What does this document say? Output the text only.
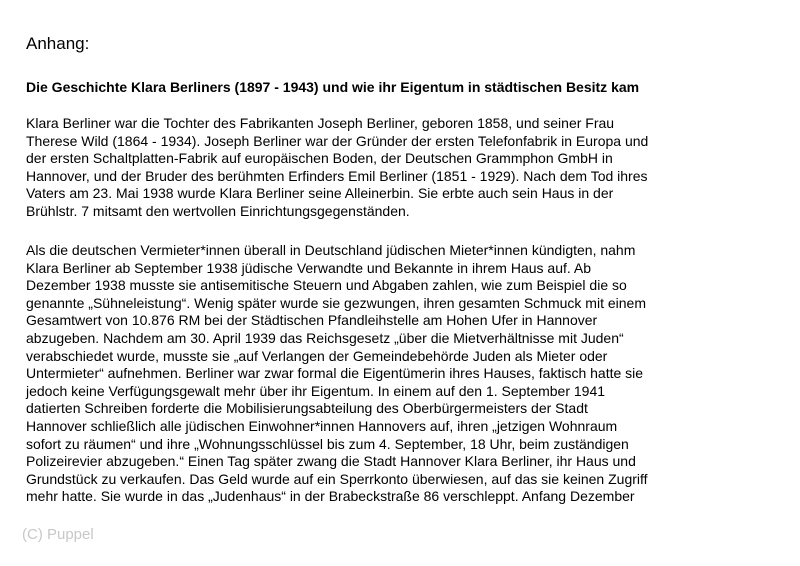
Anhang:
Die Geschichte Klara Berliners (1897 - 1943) und wie ihr Eigentum in städtischen Besitz kam
Klara Berliner war die Tochter des Fabrikanten Joseph Berliner, geboren 1858, und seiner Frau
Therese Wild (1864 - 1934). Joseph Berliner war der Gründer der ersten Telefonfabrik in Europa und
der ersten Schaltplatten-Fabrik auf europäischen Boden, der Deutschen Grammphon GmbH in
Hannover, und der Bruder des berühmten Erfinders Emil Berliner (1851 - 1929). Nach dem Tod ihres
Vaters am 23. Mai 1938 wurde Klara Berliner seine Alleinerbin. Sie erbte auch sein Haus in der
Brühlstr. 7 mitsamt den wertvollen Einrichtungsgegenständen.
Als die deutschen Vermieter*innen überall in Deutschland jüdischen Mieter*innen kündigten, nahm
Klara Berliner ab September 1938 jüdische Verwandte und Bekannte in ihrem Haus auf. Ab
Dezember 1938 musste sie antisemitische Steuern und Abgaben zahlen, wie zum Beispiel die so
genannte „Sühneleistung“. Wenig später wurde sie gezwungen, ihren gesamten Schmuck mit einem
Gesamtwert von 10.876 RM bei der Städtischen Pfandleihstelle am Hohen Ufer in Hannover
abzugeben. Nachdem am 30. April 1939 das Reichsgesetz „über die Mietverhältnisse mit Juden“
verabschiedet wurde, musste sie „auf Verlangen der Gemeindebehörde Juden als Mieter oder
Untermieter“ aufnehmen. Berliner war zwar formal die Eigentümerin ihres Hauses, faktisch hatte sie
jedoch keine Verfügungsgewalt mehr über ihr Eigentum. In einem auf den 1. September 1941
datierten Schreiben forderte die Mobilisierungsabteilung des Oberbürgermeisters der Stadt
Hannover schließlich alle jüdischen Einwohner*innen Hannovers auf, ihren „jetzigen Wohnraum
sofort zu räumen“ und ihre „Wohnungsschlüssel bis zum 4. September, 18 Uhr, beim zuständigen
Polizeirevier abzugeben.“ Einen Tag später zwang die Stadt Hannover Klara Berliner, ihr Haus und
Grundstück zu verkaufen. Das Geld wurde auf ein Sperrkonto überwiesen, auf das sie keinen Zugriff
mehr hatte. Sie wurde in das „Judenhaus“ in der Brabeckstraße 86 verschleppt. Anfang Dezember
(C) Puppel
